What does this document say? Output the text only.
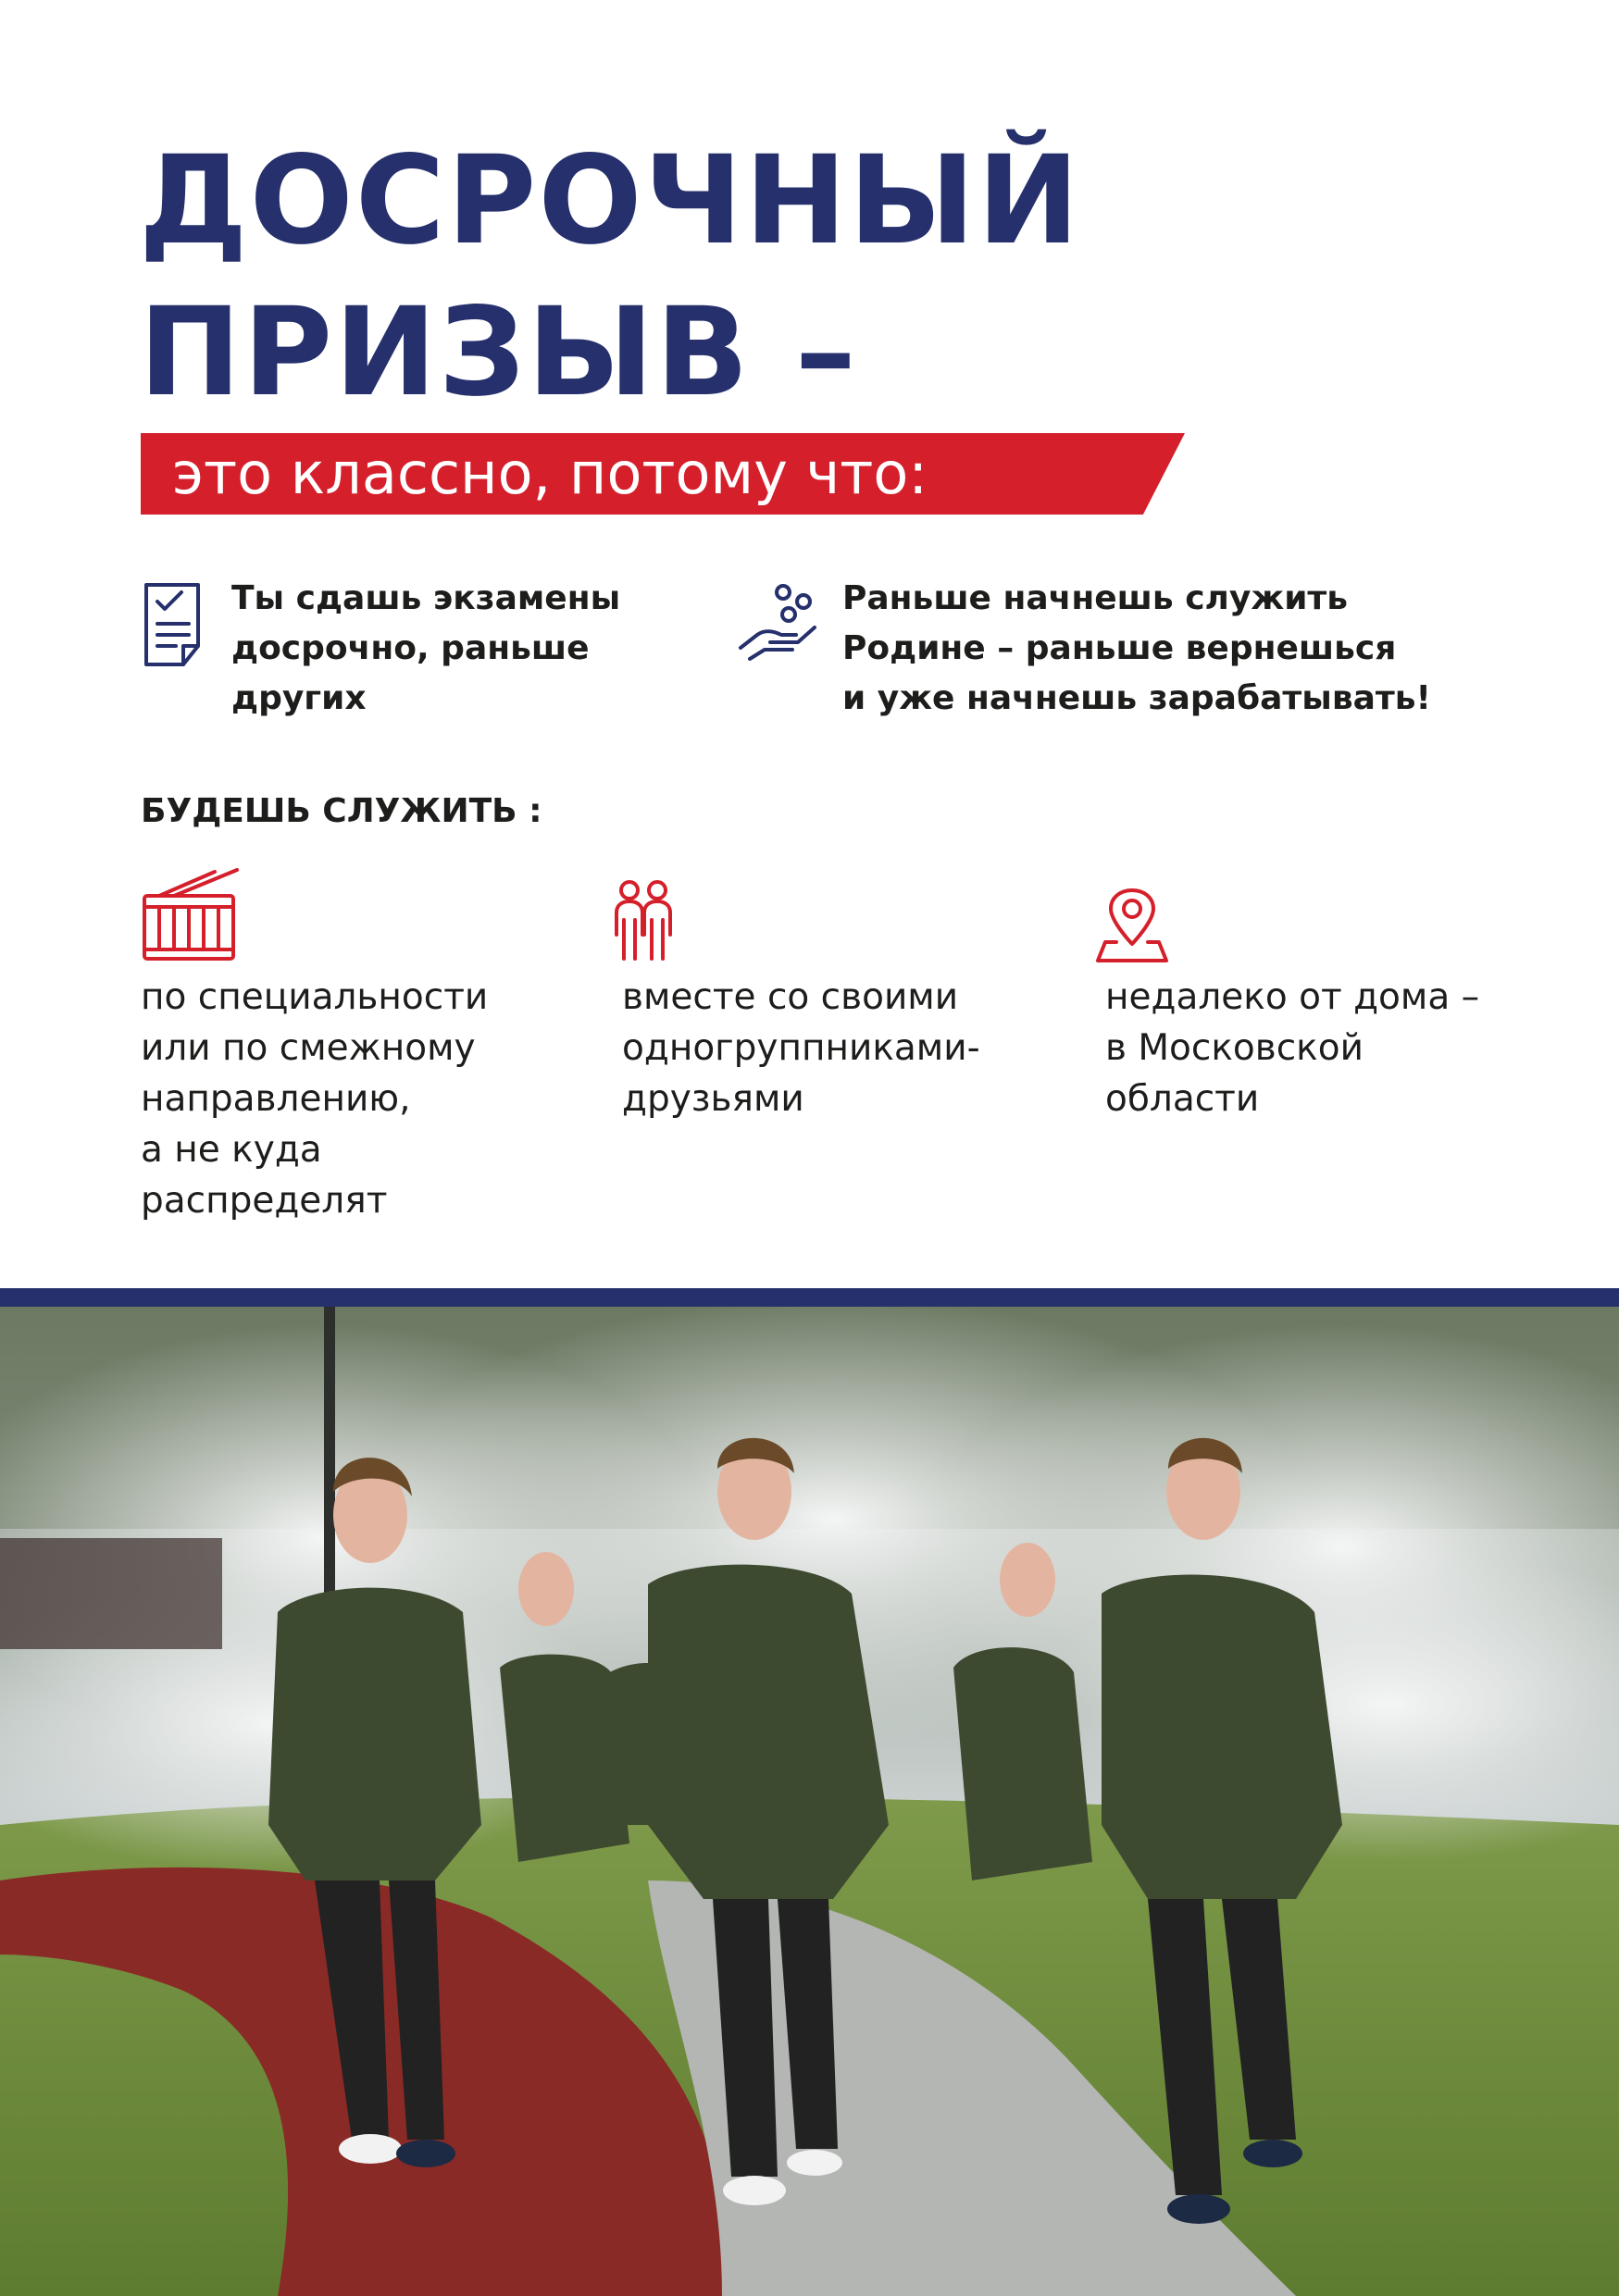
ДОСРОЧНЫЙ
ПРИЗЫВ –
это классно, потому что:
Ты сдашь экзамены
досрочно, раньше
других
Раньше начнешь служить
Родине – раньше вернешься
и уже начнешь зарабатывать!
БУДЕШЬ СЛУЖИТЬ :
по специальности
или по смежному
направлению,
а не куда
распределят
вместе со своими
одногруппниками-
друзьями
недалеко от дома –
в Московской
области
